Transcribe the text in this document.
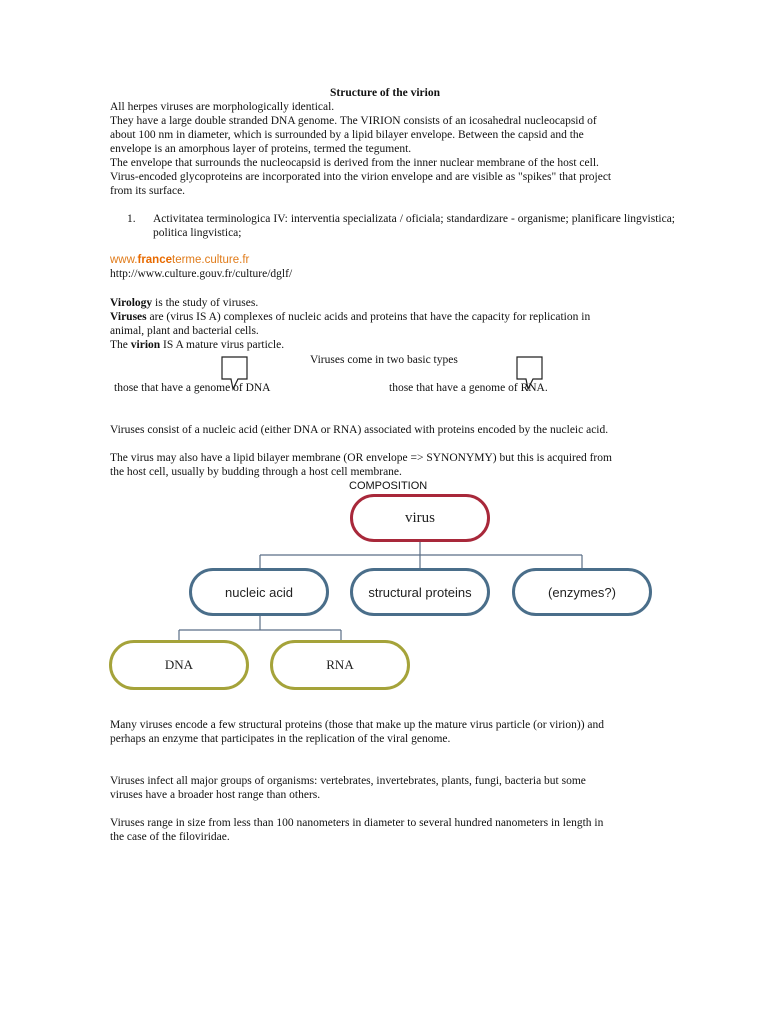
Structure of the virion
All herpes viruses are morphologically identical.
They have a large double stranded DNA genome. The VIRION consists of an icosahedral nucleocapsid of
about 100 nm in diameter, which is surrounded by a lipid bilayer envelope. Between the capsid and the
envelope is an amorphous layer of proteins, termed the tegument.
The envelope that surrounds the nucleocapsid is derived from the inner nuclear membrane of the host cell.
Virus-encoded glycoproteins are incorporated into the virion envelope and are visible as "spikes" that project
from its surface.
1. Activitatea terminologica IV: interventia specializata / oficiala; standardizare - organisme; planificare lingvistica; politica lingvistica;
www.franceterme.culture.fr
http://www.culture.gouv.fr/culture/dglf/
Virology is the study of viruses.
Viruses are (virus IS A) complexes of nucleic acids and proteins that have the capacity for replication in
animal, plant and bacterial cells.
The virion IS A mature virus particle.
Viruses come in two basic types
those that have a genome of DNA	those that have a genome of RNA.
Viruses consist of a nucleic acid (either DNA or RNA) associated with proteins encoded by the nucleic acid.
The virus may also have a lipid bilayer membrane (OR envelope => SYNONYMY) but this is acquired from
the host cell, usually by budding through a host cell membrane.
COMPOSITION
virus
nucleic acid	structural proteins	(enzymes?)
DNA	RNA
Many viruses encode a few structural proteins (those that make up the mature virus particle (or virion)) and
perhaps an enzyme that participates in the replication of the viral genome.
Viruses infect all major groups of organisms: vertebrates, invertebrates, plants, fungi, bacteria but some
viruses have a broader host range than others.
Viruses range in size from less than 100 nanometers in diameter to several hundred nanometers in length in
the case of the filoviridae.
